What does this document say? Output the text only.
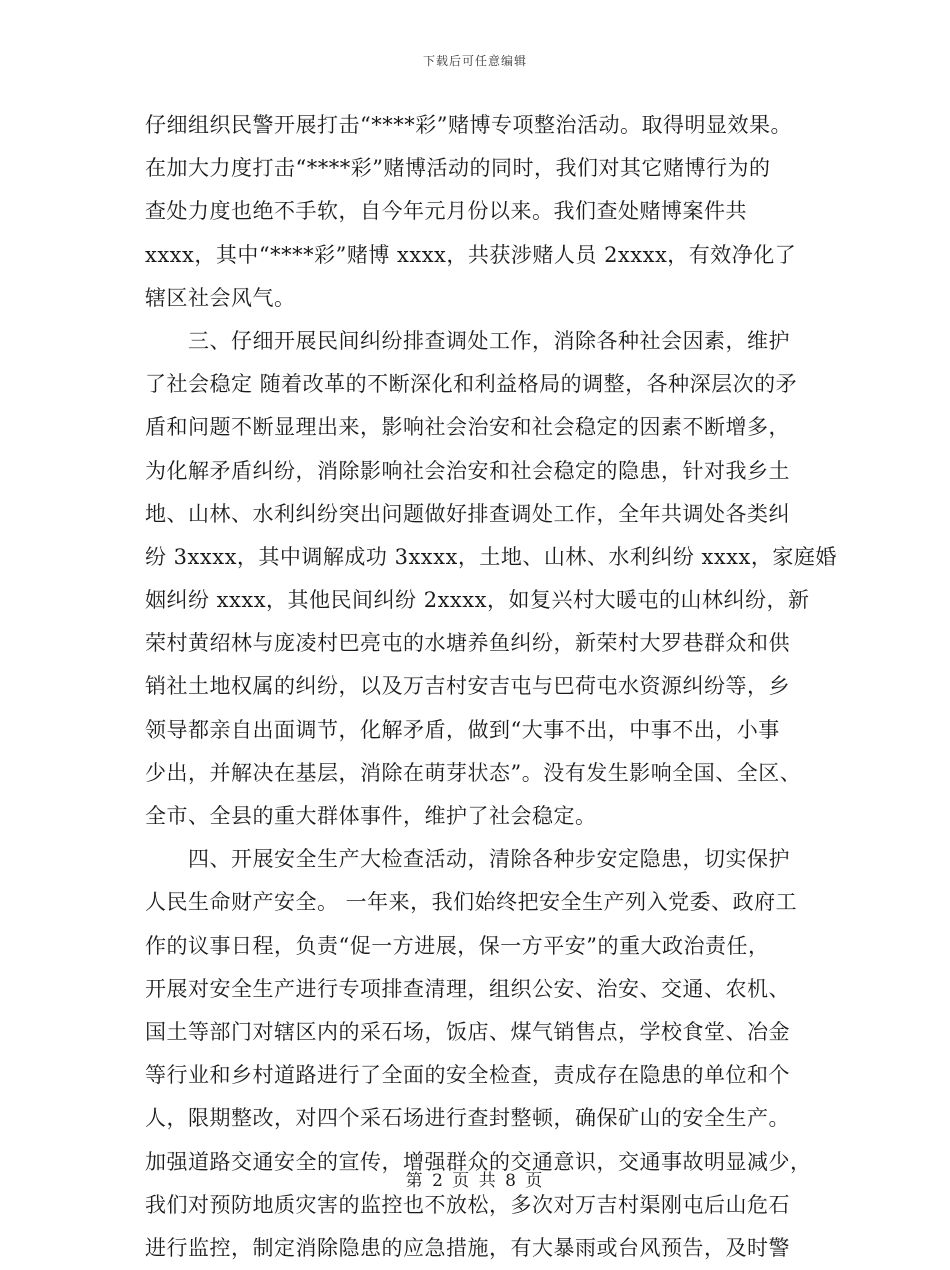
下载后可任意编辑
仔细组织民警开展打击“****彩”赌博专项整治活动。取得明显效果。
在加大力度打击“****彩”赌博活动的同时，我们对其它赌博行为的
查处力度也绝不手软，自今年元月份以来。我们查处赌博案件共
xxxx，其中“****彩”赌博 xxxx，共获涉赌人员 2xxxx，有效净化了
辖区社会风气。
　　三、仔细开展民间纠纷排查调处工作，消除各种社会因素，维护
了社会稳定 随着改革的不断深化和利益格局的调整，各种深层次的矛
盾和问题不断显理出来，影响社会治安和社会稳定的因素不断增多，
为化解矛盾纠纷，消除影响社会治安和社会稳定的隐患，针对我乡土
地、山林、水利纠纷突出问题做好排查调处工作，全年共调处各类纠
纷 3xxxx，其中调解成功 3xxxx，土地、山林、水利纠纷 xxxx，家庭婚
姻纠纷 xxxx，其他民间纠纷 2xxxx，如复兴村大暖屯的山林纠纷，新
荣村黄绍林与庞凌村巴亮屯的水塘养鱼纠纷，新荣村大罗巷群众和供
销社土地权属的纠纷，以及万吉村安吉屯与巴荷屯水资源纠纷等，乡
领导都亲自出面调节，化解矛盾，做到“大事不出，中事不出，小事
少出，并解决在基层，消除在萌芽状态”。没有发生影响全国、全区、
全市、全县的重大群体事件，维护了社会稳定。
　　四、开展安全生产大检查活动，清除各种步安定隐患，切实保护
人民生命财产安全。 一年来，我们始终把安全生产列入党委、政府工
作的议事日程，负责“促一方进展，保一方平安”的重大政治责任，
开展对安全生产进行专项排查清理，组织公安、治安、交通、农机、
国土等部门对辖区内的采石场，饭店、煤气销售点，学校食堂、冶金
等行业和乡村道路进行了全面的安全检查，责成存在隐患的单位和个
人，限期整改，对四个采石场进行查封整顿，确保矿山的安全生产。
加强道路交通安全的宣传，增强群众的交通意识，交通事故明显减少，
我们对预防地质灾害的监控也不放松，多次对万吉村渠刚屯后山危石
进行监控，制定消除隐患的应急措施，有大暴雨或台风预告，及时警
第 2 页 共 8 页
